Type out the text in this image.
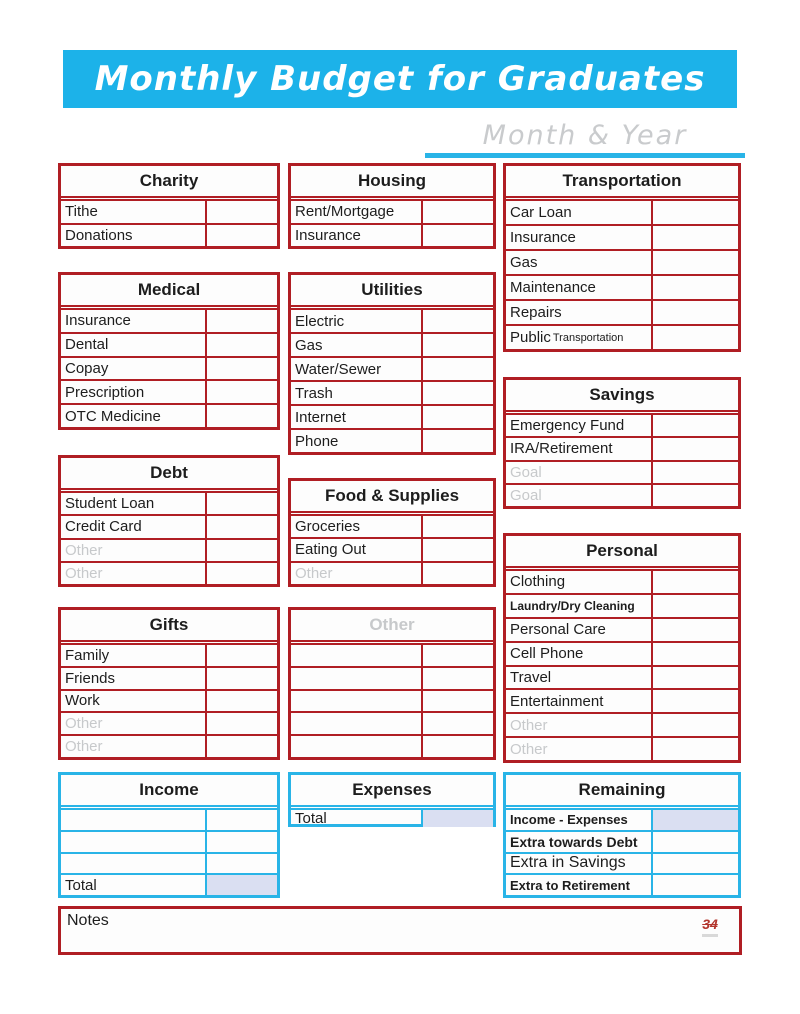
Monthly Budget for Graduates
Month & Year
Charity
Tithe
Donations
Medical
Insurance
Dental
Copay
Prescription
OTC Medicine
Debt
Student Loan
Credit Card
Other
Other
Gifts
Family
Friends
Work
Other
Other
Housing
Rent/Mortgage
Insurance
Utilities
Electric
Gas
Water/Sewer
Trash
Internet
Phone
Food & Supplies
Groceries
Eating Out
Other
Other
Transportation
Car Loan
Insurance
Gas
Maintenance
Repairs
Public Transportation
Savings
Emergency Fund
IRA/Retirement
Goal
Goal
Personal
Clothing
Laundry/Dry Cleaning
Personal Care
Cell Phone
Travel
Entertainment
Other
Other
Income
Total
Expenses
Total
Remaining
Income - Expenses
Extra towards Debt
Extra in Savings
Extra to Retirement
Notes	34
